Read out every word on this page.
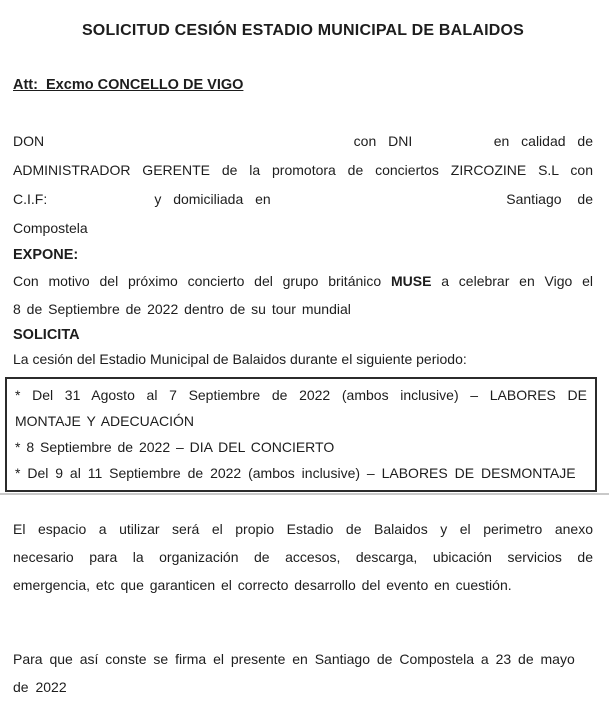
SOLICITUD CESIÓN ESTADIO MUNICIPAL DE BALAIDOS
Att:  Excmo CONCELLO DE VIGO
DON	con DNI	en calidad de
ADMINISTRADOR GERENTE de la promotora de conciertos ZIRCOZINE S.L con
C.I.F:	y domiciliada en	Santiago de
Compostela
EXPONE:
Con motivo del próximo concierto del grupo británico MUSE a celebrar en Vigo el
8 de Septiembre de 2022 dentro de su tour mundial
SOLICITA
La cesión del Estadio Municipal de Balaidos durante el siguiente periodo:
* Del 31 Agosto al 7 Septiembre de 2022 (ambos inclusive) – LABORES DE
MONTAJE Y ADECUACIÓN
* 8 Septiembre de 2022 – DIA DEL CONCIERTO
* Del 9 al 11 Septiembre de 2022 (ambos inclusive) – LABORES DE DESMONTAJE
El espacio a utilizar será el propio Estadio de Balaidos y el perimetro anexo
necesario para la organización de accesos, descarga, ubicación servicios de
emergencia, etc que garanticen el correcto desarrollo del evento en cuestión.
Para que así conste se firma el presente en Santiago de Compostela a 23 de mayo
de 2022
